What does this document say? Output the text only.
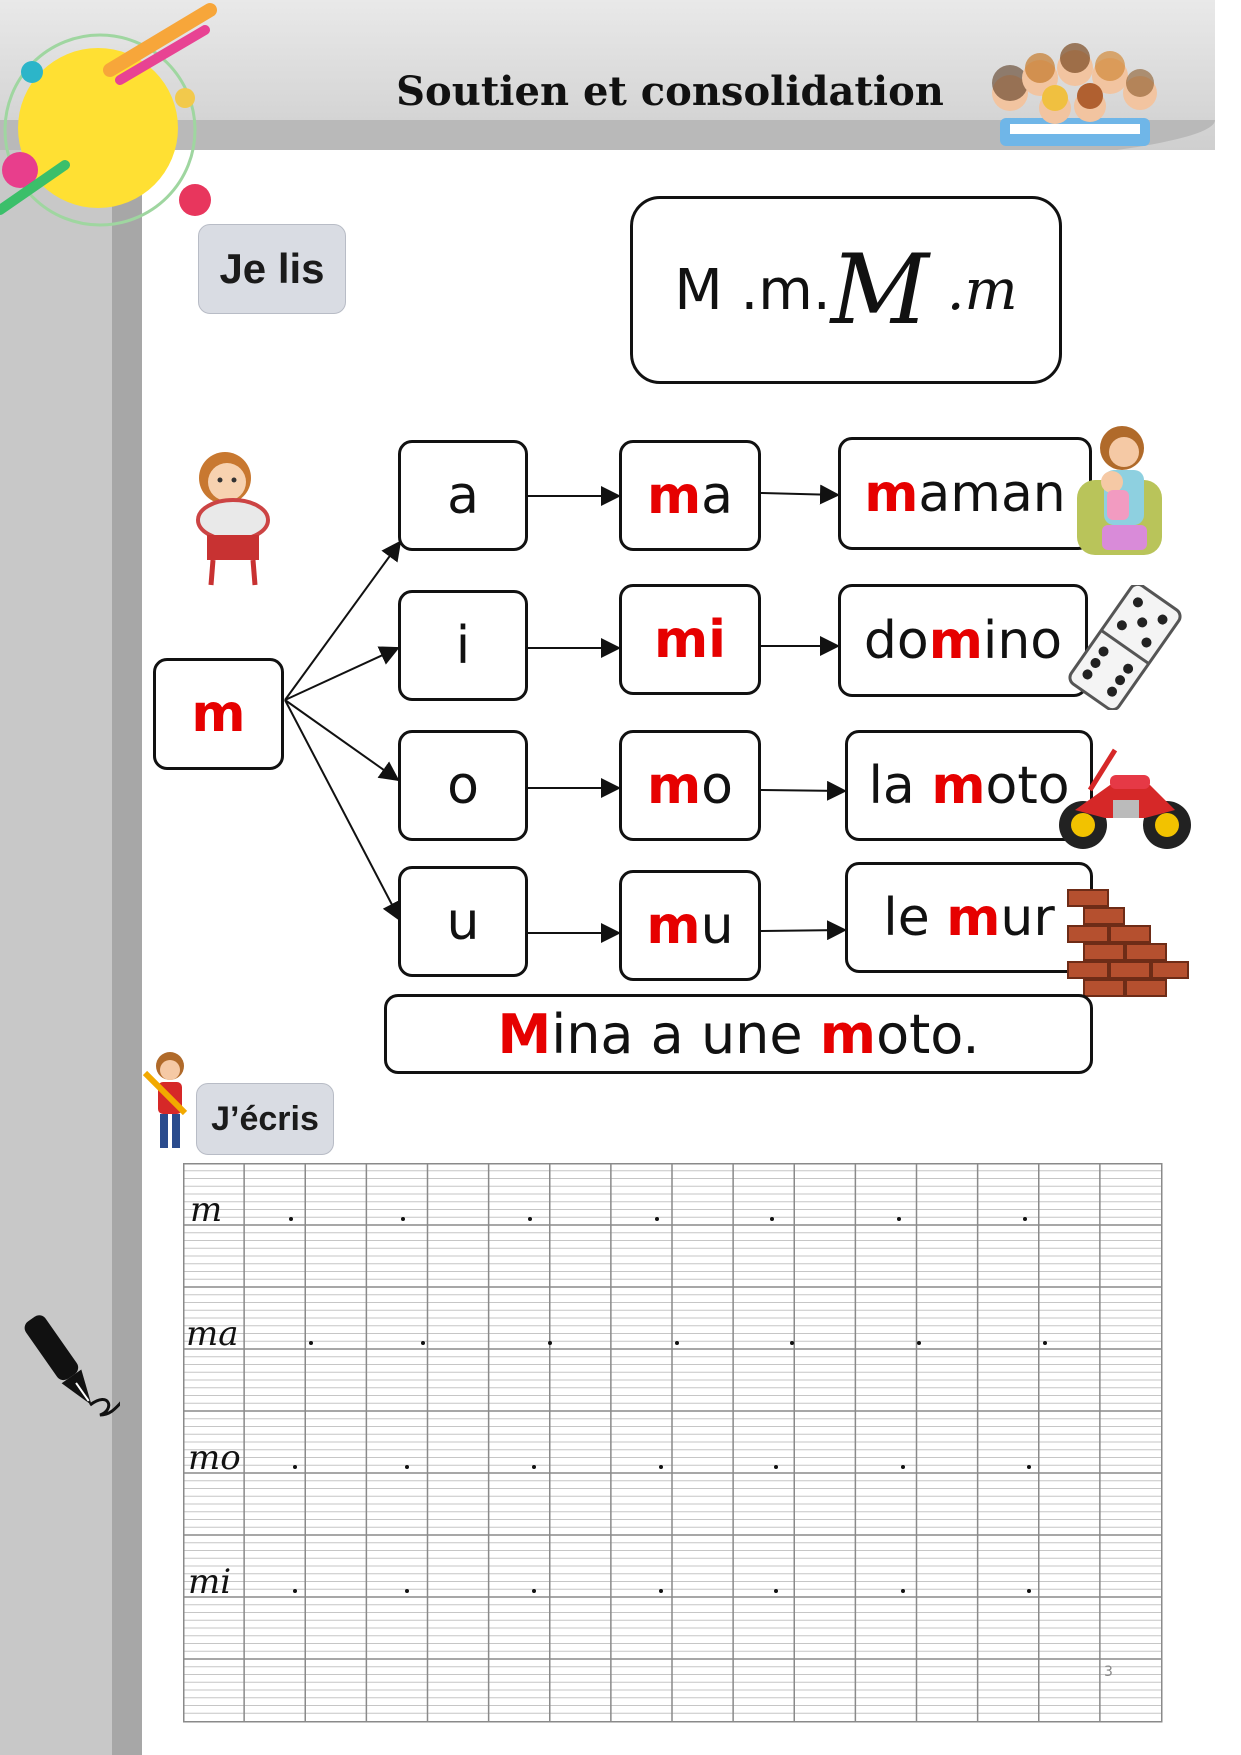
Soutien et consolidation
Je lis	M .m. M .m
m
a	m a	m aman
i	mi	do m ino
o	m o	la m oto
u	m u	le m ur
M ina a une m oto.
J’écris
m
ma
mo
mi
3
